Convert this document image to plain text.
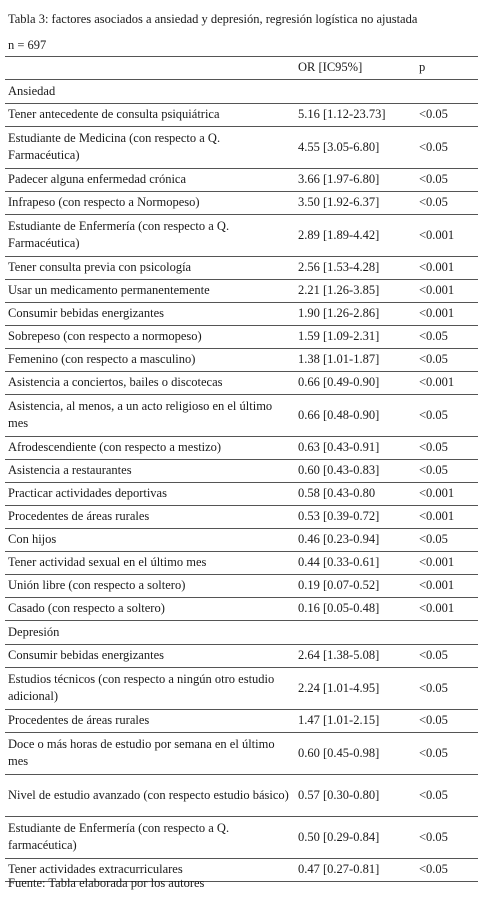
Tabla 3: factores asociados a ansiedad y depresión, regresión logística no ajustada
n = 697
	OR [IC95%]	p
Ansiedad		
Tener antecedente de consulta psiquiátrica	5.16 [1.12-23.73]	<0.05
Estudiante de Medicina (con respecto a Q. Farmacéutica)	4.55 [3.05-6.80]	<0.05
Padecer alguna enfermedad crónica	3.66 [1.97-6.80]	<0.05
Infrapeso (con respecto a Normopeso)	3.50 [1.92-6.37]	<0.05
Estudiante de Enfermería (con respecto a Q. Farmacéutica)	2.89 [1.89-4.42]	<0.001
Tener consulta previa con psicología	2.56 [1.53-4.28]	<0.001
Usar un medicamento permanentemente	2.21 [1.26-3.85]	<0.001
Consumir bebidas energizantes	1.90 [1.26-2.86]	<0.001
Sobrepeso (con respecto a normopeso)	1.59 [1.09-2.31]	<0.05
Femenino (con respecto a masculino)	1.38 [1.01-1.87]	<0.05
Asistencia a conciertos, bailes o discotecas	0.66 [0.49-0.90]	<0.001
Asistencia, al menos, a un acto religioso en el último mes	0.66 [0.48-0.90]	<0.05
Afrodescendiente (con respecto a mestizo)	0.63 [0.43-0.91]	<0.05
Asistencia a restaurantes	0.60 [0.43-0.83]	<0.05
Practicar actividades deportivas	0.58 [0.43-0.80	<0.001
Procedentes de áreas rurales	0.53 [0.39-0.72]	<0.001
Con hijos	0.46 [0.23-0.94]	<0.05
Tener actividad sexual en el último mes	0.44 [0.33-0.61]	<0.001
Unión libre (con respecto a soltero)	0.19 [0.07-0.52]	<0.001
Casado (con respecto a soltero)	0.16 [0.05-0.48]	<0.001
Depresión		
Consumir bebidas energizantes	2.64 [1.38-5.08]	<0.05
Estudios técnicos (con respecto a ningún otro estudio adicional)	2.24 [1.01-4.95]	<0.05
Procedentes de áreas rurales	1.47 [1.01-2.15]	<0.05
Doce o más horas de estudio por semana en el último mes	0.60 [0.45-0.98]	<0.05
Nivel de estudio avanzado (con respecto estudio básico)	0.57 [0.30-0.80]	<0.05
Estudiante de Enfermería (con respecto a Q. farmacéutica)	0.50 [0.29-0.84]	<0.05
Tener actividades extracurriculares	0.47 [0.27-0.81]	<0.05
Fuente: Tabla elaborada por los autores
